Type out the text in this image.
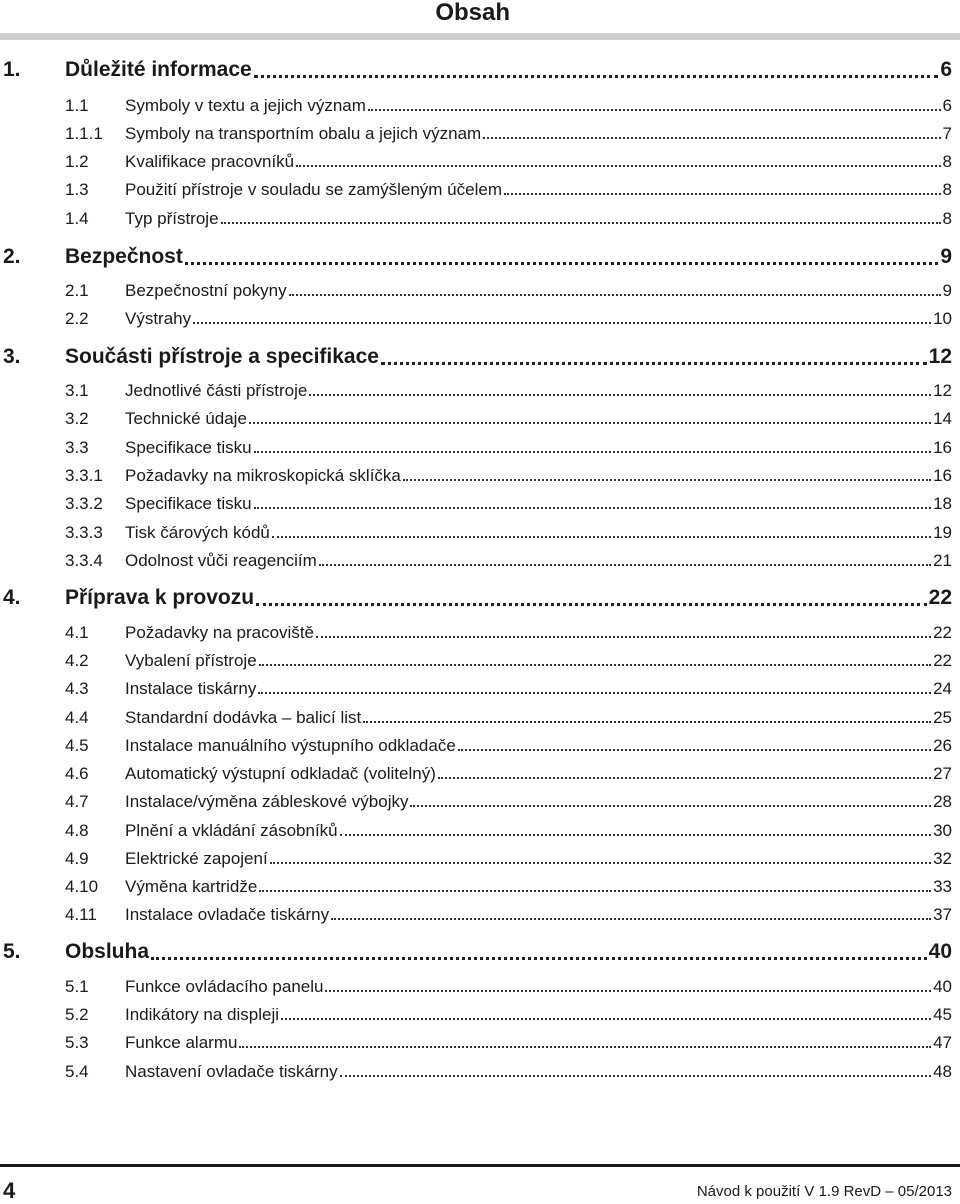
Obsah
1.	Důležité informace	6
1.1	Symboly v textu a jejich význam	6
1.1.1	Symboly na transportním obalu a jejich význam	7
1.2	Kvalifikace pracovníků	8
1.3	Použití přístroje v souladu se zamýšleným účelem	8
1.4	Typ přístroje	8
2.	Bezpečnost	9
2.1	Bezpečnostní pokyny	9
2.2	Výstrahy	10
3.	Součásti přístroje a specifikace	12
3.1	Jednotlivé části přístroje	12
3.2	Technické údaje	14
3.3	Specifikace tisku	16
3.3.1	Požadavky na mikroskopická sklíčka	16
3.3.2	Specifikace tisku	18
3.3.3	Tisk čárových kódů	19
3.3.4	Odolnost vůči reagenciím	21
4.	Příprava k provozu	22
4.1	Požadavky na pracoviště	22
4.2	Vybalení přístroje	22
4.3	Instalace tiskárny	24
4.4	Standardní dodávka – balicí list	25
4.5	Instalace manuálního výstupního odkladače	26
4.6	Automatický výstupní odkladač (volitelný)	27
4.7	Instalace/výměna zábleskové výbojky	28
4.8	Plnění a vkládání zásobníků	30
4.9	Elektrické zapojení	32
4.10	Výměna kartridže	33
4.11	Instalace ovladače tiskárny	37
5.	Obsluha	40
5.1	Funkce ovládacího panelu	40
5.2	Indikátory na displeji	45
5.3	Funkce alarmu	47
5.4	Nastavení ovladače tiskárny	48
4	Návod k použití V 1.9 RevD – 05/2013
